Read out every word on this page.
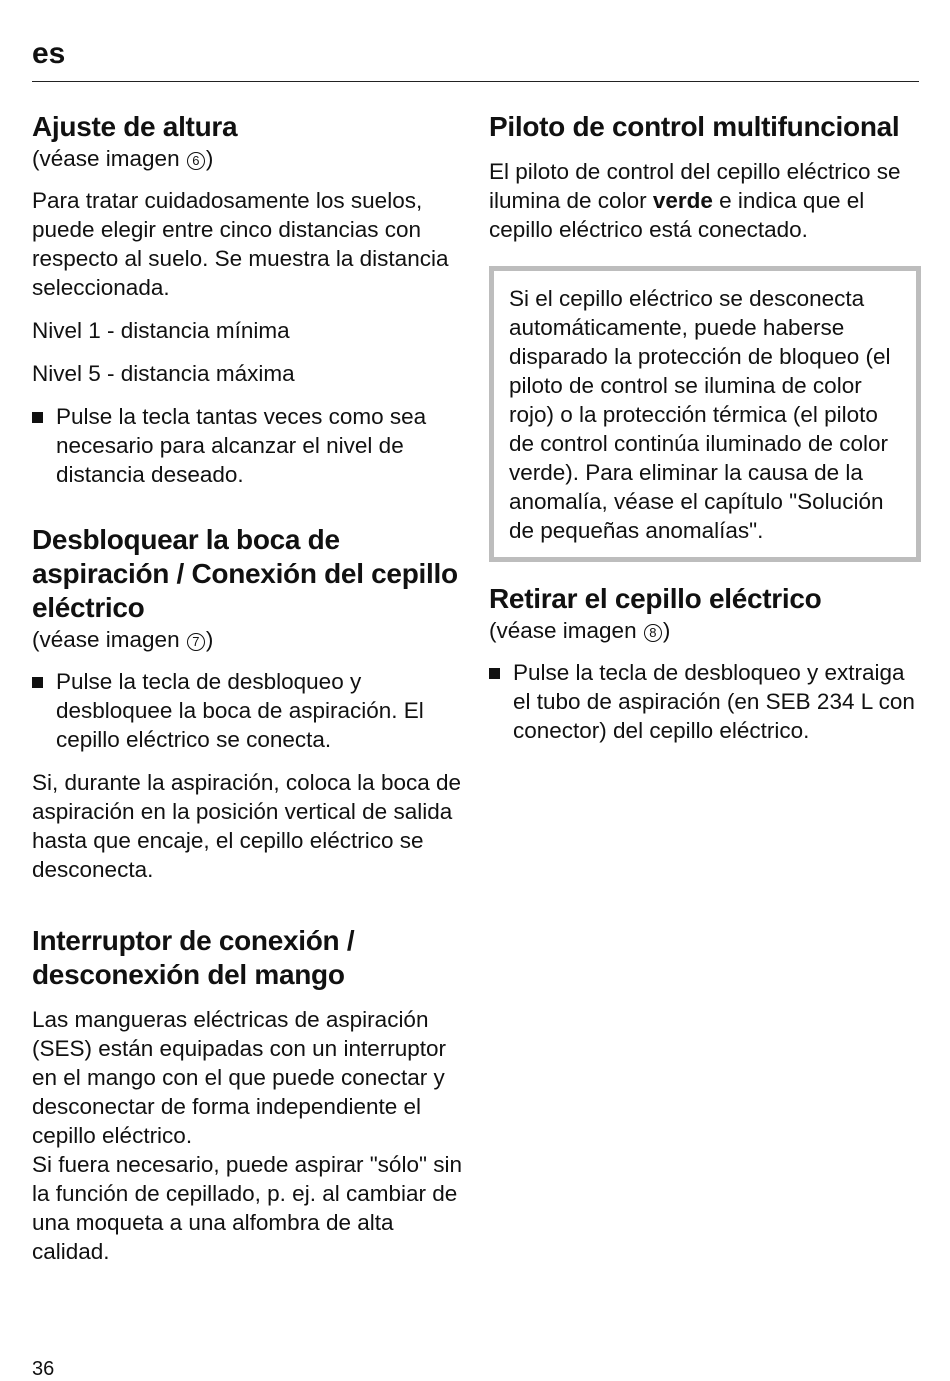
es
Ajuste de altura
(véase imagen 6 )

Para tratar cuidadosamente los suelos, puede elegir entre cinco distancias con respecto al suelo. Se muestra la distancia seleccionada.

Nivel 1 - distancia mínima

Nivel 5 - distancia máxima

Pulse la tecla tantas veces como sea necesario para alcanzar el nivel de distancia deseado.
Desbloquear la boca de aspiración / Conexión del cepillo eléctrico
(véase imagen 7 )
Pulse la tecla de desbloqueo y desbloquee la boca de aspiración. El cepillo eléctrico se conecta.

Si, durante la aspiración, coloca la boca de aspiración en la posición vertical de salida hasta que encaje, el cepillo eléctrico se desconecta.

Interruptor de conexión / desconexión del mango

Las mangueras eléctricas de aspiración (SES) están equipadas con un interruptor en el mango con el que puede conectar y desconectar de forma independiente el cepillo eléctrico.

Si fuera necesario, puede aspirar "sólo" sin la función de cepillado, p. ej. al cambiar de una moqueta a una alfombra de alta calidad.

Piloto de control multifuncional

El piloto de control del cepillo eléctrico se ilumina de color verde e indica que el cepillo eléctrico está conectado.

Si el cepillo eléctrico se desconecta automáticamente, puede haberse disparado la protección de bloqueo (el piloto de control se ilumina de color rojo) o la protección térmica (el piloto de control continúa iluminado de color verde). Para eliminar la causa de la anomalía, véase el capítulo "Solución de pequeñas anomalías".

Retirar el cepillo eléctrico
(véase imagen 8 )
Pulse la tecla de desbloqueo y extraiga el tubo de aspiración (en SEB 234 L con conector) del cepillo eléctrico.
36
